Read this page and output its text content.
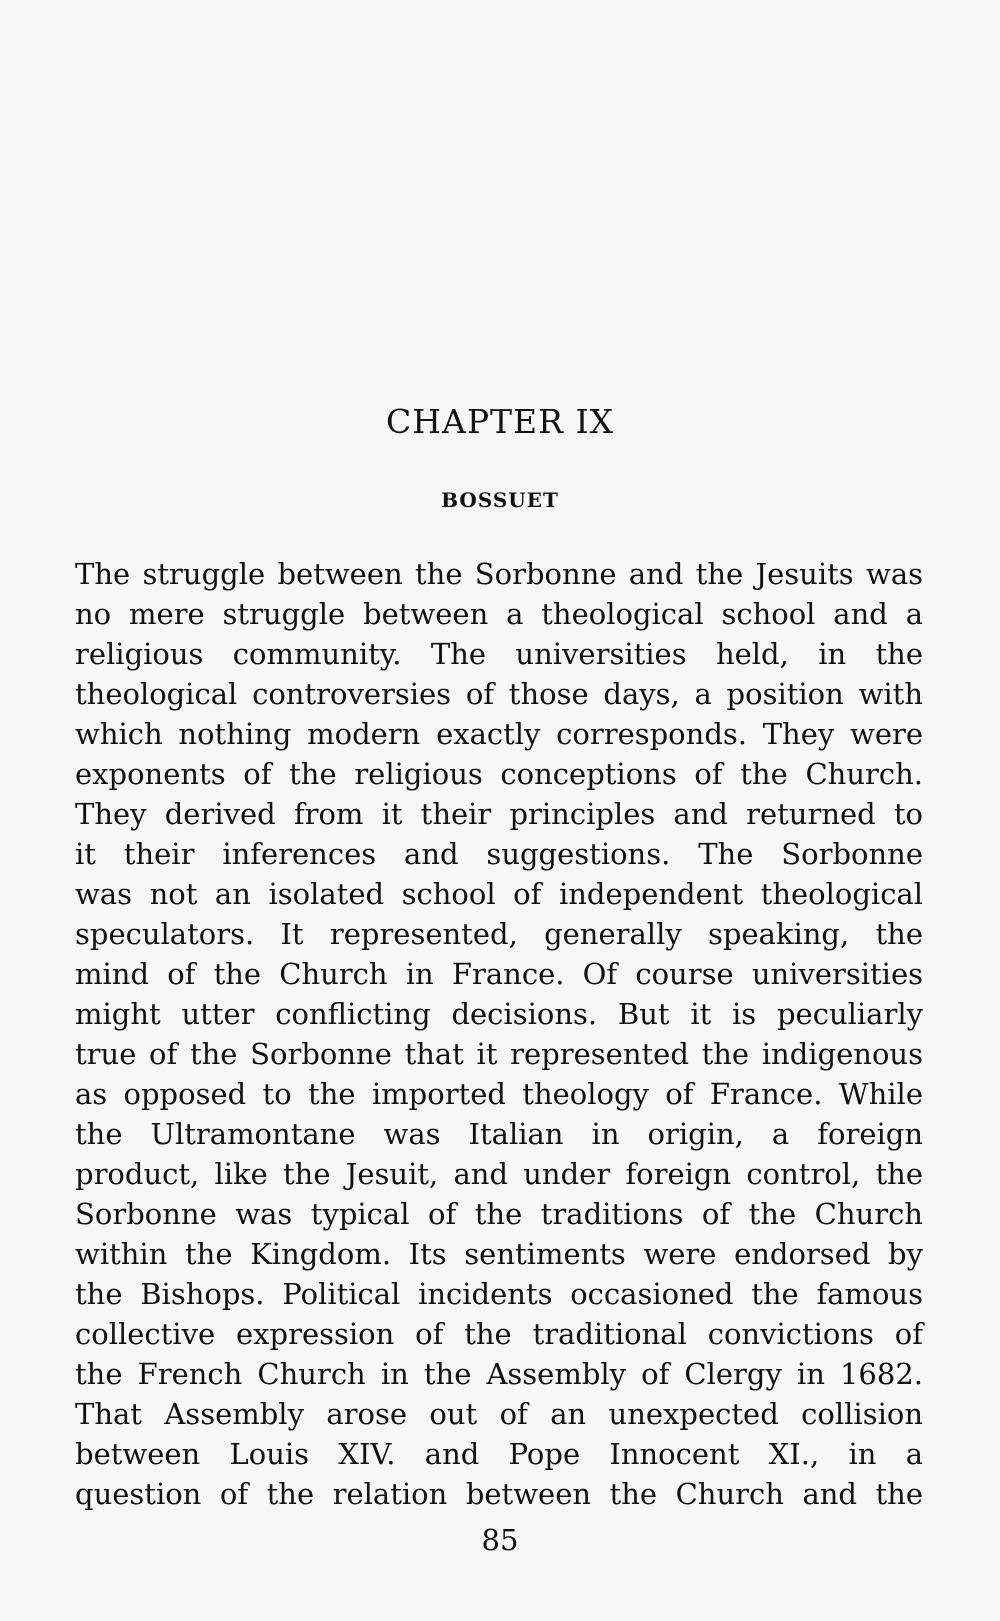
CHAPTER IX
BOSSUET
The struggle between the Sorbonne and the Jesuits was
no mere struggle between a theological school and a
religious community. The universities held, in the
theological controversies of those days, a position with
which nothing modern exactly corresponds. They were
exponents of the religious conceptions of the Church.
They derived from it their principles and returned to
it their inferences and suggestions. The Sorbonne
was not an isolated school of independent theological
speculators. It represented, generally speaking, the
mind of the Church in France. Of course universities
might utter conflicting decisions. But it is peculiarly
true of the Sorbonne that it represented the indigenous
as opposed to the imported theology of France. While
the Ultramontane was Italian in origin, a foreign
product, like the Jesuit, and under foreign control, the
Sorbonne was typical of the traditions of the Church
within the Kingdom. Its sentiments were endorsed by
the Bishops. Political incidents occasioned the famous
collective expression of the traditional convictions of
the French Church in the Assembly of Clergy in 1682.
That Assembly arose out of an unexpected collision
between Louis XIV. and Pope Innocent XI., in a
question of the relation between the Church and the
85
